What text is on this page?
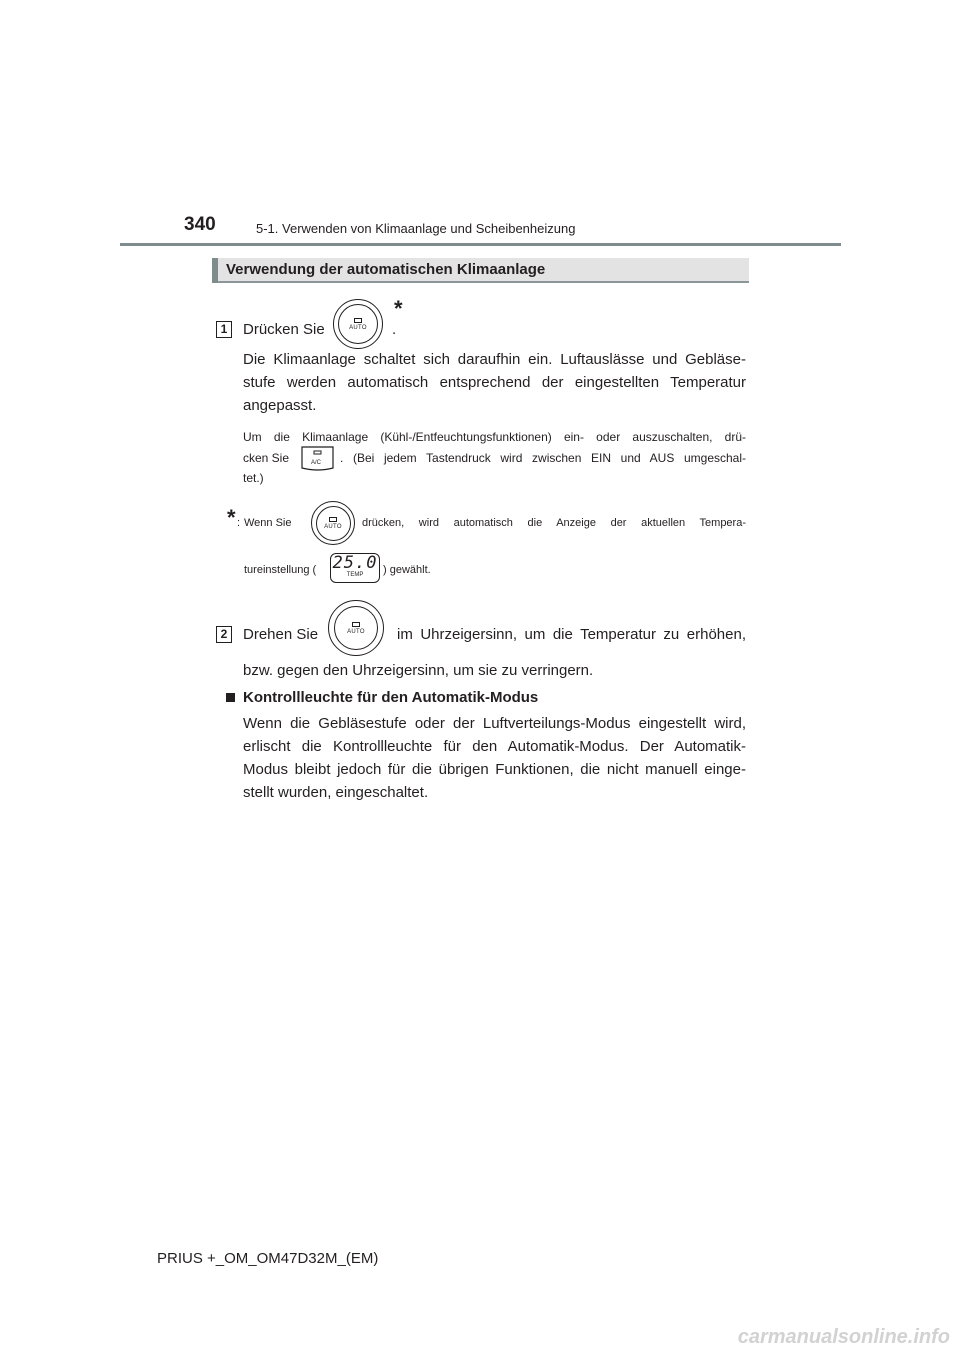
340	5-1. Verwenden von Klimaanlage und Scheibenheizung
Verwendung der automatischen Klimaanlage
1	Drücken Sie	AUTO .
*
Die Klimaanlage schaltet sich daraufhin ein. Luftauslässe und Gebläse-
stufe werden automatisch entsprechend der eingestellten Temperatur
angepasst.
Um die Klimaanlage (Kühl-/Entfeuchtungsfunktionen) ein- oder auszuschalten, drü-
cken Sie	A/C . (Bei jedem Tastendruck wird zwischen EIN und AUS umgeschal-
tet.)
* : Wenn Sie	AUTO drücken, wird automatisch die Anzeige der aktuellen Tempera-
tureinstellung ( 25.0
TEMP	) gewählt.
2	Drehen Sie	AUTO im Uhrzeigersinn, um die Temperatur zu erhöhen,
bzw. gegen den Uhrzeigersinn, um sie zu verringern.
Kontrollleuchte für den Automatik-Modus
Wenn die Gebläsestufe oder der Luftverteilungs-Modus eingestellt wird,
erlischt die Kontrollleuchte für den Automatik-Modus. Der Automatik-
Modus bleibt jedoch für die übrigen Funktionen, die nicht manuell einge-
stellt wurden, eingeschaltet.
PRIUS +_OM_OM47D32M_(EM)
carmanualsonline.info
